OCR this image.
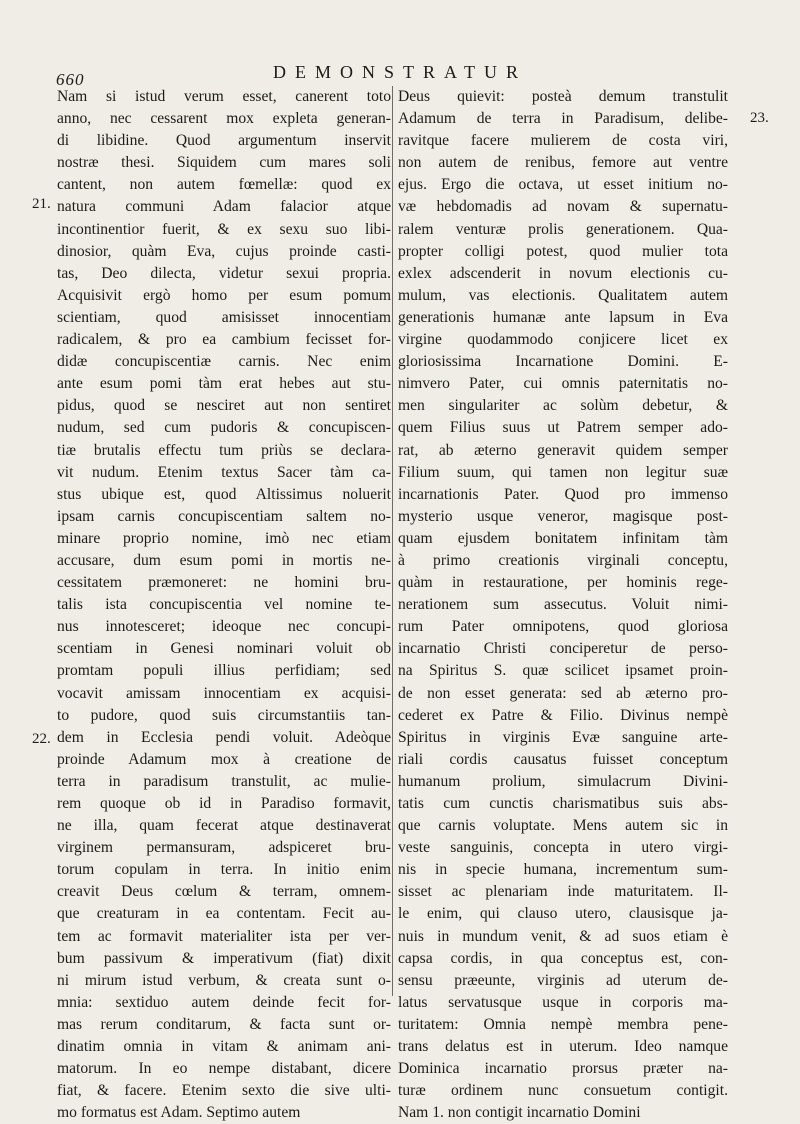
660	DEMONSTRATUR
21.
22.
23.
Nam si istud verum esset, canerent toto
anno, nec cessarent mox expleta generan-
di libidine. Quod argumentum inservit
nostræ thesi. Siquidem cum mares soli
cantent, non autem fœmellæ: quod ex
natura communi Adam falacior atque
incontinentior fuerit, & ex sexu suo libi-
dinosior, quàm Eva, cujus proinde casti-
tas, Deo dilecta, videtur sexui propria.
Acquisivit ergò homo per esum pomum
scientiam, quod amisisset innocentiam
radicalem, & pro ea cambium fecisset for-
didæ concupiscentiæ carnis. Nec enim
ante esum pomi tàm erat hebes aut stu-
pidus, quod se nesciret aut non sentiret
nudum, sed cum pudoris & concupiscen-
tiæ brutalis effectu tum priùs se declara-
vit nudum. Etenim textus Sacer tàm ca-
stus ubique est, quod Altissimus noluerit
ipsam carnis concupiscentiam saltem no-
minare proprio nomine, imò nec etiam
accusare, dum esum pomi in mortis ne-
cessitatem præmoneret: ne homini bru-
talis ista concupiscentia vel nomine te-
nus innotesceret; ideoque nec concupi-
scentiam in Genesi nominari voluit ob
promtam populi illius perfidiam; sed
vocavit amissam innocentiam ex acquisi-
to pudore, quod suis circumstantiis tan-
dem in Ecclesia pendi voluit. Adeòque
proinde Adamum mox à creatione de
terra in paradisum transtulit, ac mulie-
rem quoque ob id in Paradiso formavit,
ne illa, quam fecerat atque destinaverat
virginem permansuram, adspiceret bru-
torum copulam in terra. In initio enim
creavit Deus cœlum & terram, omnem-
que creaturam in ea contentam. Fecit au-
tem ac formavit materialiter ista per ver-
bum passivum & imperativum (fiat) dixit
ni mirum istud verbum, & creata sunt o-
mnia: sextiduo autem deinde fecit for-
mas rerum conditarum, & facta sunt or-
dinatim omnia in vitam & animam ani-
matorum. In eo nempe distabant, dicere
fiat, & facere. Etenim sexto die sive ulti-
mo formatus est Adam. Septimo autem
Deus quievit: posteà demum transtulit
Adamum de terra in Paradisum, delibe-
ravitque facere mulierem de costa viri,
non autem de renibus, femore aut ventre
ejus. Ergo die octava, ut esset initium no-
væ hebdomadis ad novam & supernatu-
ralem venturæ prolis generationem. Qua-
propter colligi potest, quod mulier tota
exlex adscenderit in novum electionis cu-
mulum, vas electionis. Qualitatem autem
generationis humanæ ante lapsum in Eva
virgine quodammodo conjicere licet ex
gloriosissima Incarnatione Domini. E-
nimvero Pater, cui omnis paternitatis no-
men singulariter ac solùm debetur, &
quem Filius suus ut Patrem semper ado-
rat, ab æterno generavit quidem semper
Filium suum, qui tamen non legitur suæ
incarnationis Pater. Quod pro immenso
mysterio usque veneror, magisque post-
quam ejusdem bonitatem infinitam tàm
à primo creationis virginali conceptu,
quàm in restauratione, per hominis rege-
nerationem sum assecutus. Voluit nimi-
rum Pater omnipotens, quod gloriosa
incarnatio Christi conciperetur de perso-
na Spiritus S. quæ scilicet ipsamet proin-
de non esset generata: sed ab æterno pro-
cederet ex Patre & Filio. Divinus nempè
Spiritus in virginis Evæ sanguine arte-
riali cordis causatus fuisset conceptum
humanum prolium, simulacrum Divini-
tatis cum cunctis charismatibus suis abs-
que carnis voluptate. Mens autem sic in
veste sanguinis, concepta in utero virgi-
nis in specie humana, incrementum sum-
sisset ac plenariam inde maturitatem. Il-
le enim, qui clauso utero, clausisque ja-
nuis in mundum venit, & ad suos etiam è
capsa cordis, in qua conceptus est, con-
sensu præeunte, virginis ad uterum de-
latus servatusque usque in corporis ma-
turitatem: Omnia nempè membra pene-
trans delatus est in uterum. Ideo namque
Dominica incarnatio prorsus præter na-
turæ ordinem nunc consuetum contigit.
Nam 1. non contigit incarnatio Domini
